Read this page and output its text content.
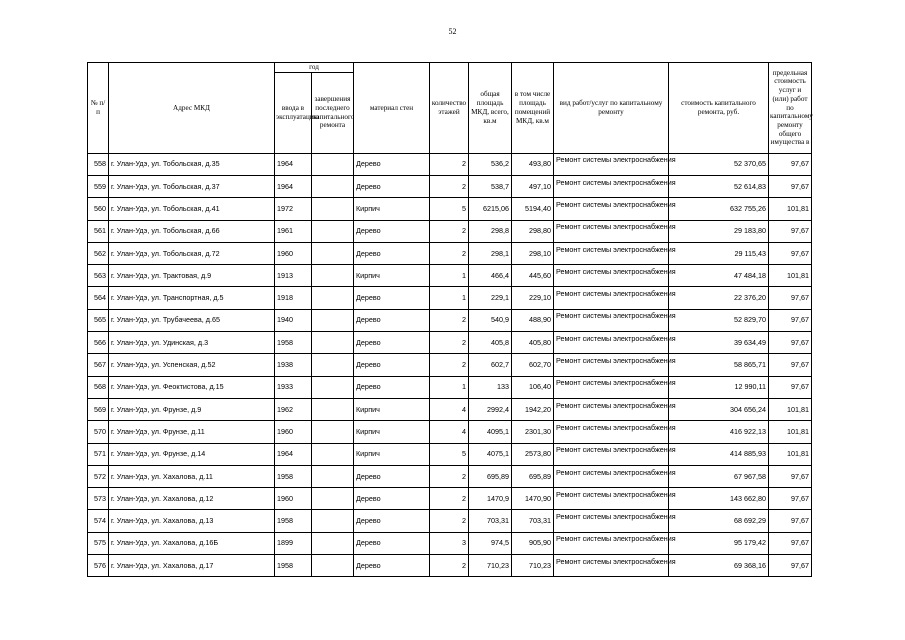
52
№ п/п	Адрес МКД	год		материал стен	количество этажей	общая площадь МКД, всего, кв.м	в том числе площадь помещений МКД, кв.м	вид работ/услуг по капитальному ремонту	стоимость капитального ремонта, руб.	предельная стоимость услуг и (или) работ по капитальному ремонту общего имущества в

		ввода в эксплуатацию	завершения последнего капитального ремонта							
558	г. Улан-Удэ, ул. Тобольская, д.35	1964		Дерево	2	536,2	493,80	Ремонт системы электроснабжения	52 370,65	97,67
559	г. Улан-Удэ, ул. Тобольская, д.37	1964		Дерево	2	538,7	497,10	Ремонт системы электроснабжения	52 614,83	97,67
560	г. Улан-Удэ, ул. Тобольская, д.41	1972		Кирпич	5	6215,06	5194,40	Ремонт системы электроснабжения	632 755,26	101,81
561	г. Улан-Удэ, ул. Тобольская, д.66	1961		Дерево	2	298,8	298,80	Ремонт системы электроснабжения	29 183,80	97,67
562	г. Улан-Удэ, ул. Тобольская, д.72	1960		Дерево	2	298,1	298,10	Ремонт системы электроснабжения	29 115,43	97,67
563	г. Улан-Удэ, ул. Трактовая, д.9	1913		Кирпич	1	466,4	445,60	Ремонт системы электроснабжения	47 484,18	101,81
564	г. Улан-Удэ, ул. Транспортная, д.5	1918		Дерево	1	229,1	229,10	Ремонт системы электроснабжения	22 376,20	97,67
565	г. Улан-Удэ, ул. Трубачеева, д.65	1940		Дерево	2	540,9	488,90	Ремонт системы электроснабжения	52 829,70	97,67
566	г. Улан-Удэ, ул. Удинская, д.3	1958		Дерево	2	405,8	405,80	Ремонт системы электроснабжения	39 634,49	97,67
567	г. Улан-Удэ, ул. Успенская, д.52	1938		Дерево	2	602,7	602,70	Ремонт системы электроснабжения	58 865,71	97,67
568	г. Улан-Удэ, ул. Феоктистова, д.15	1933		Дерево	1	133	106,40	Ремонт системы электроснабжения	12 990,11	97,67
569	г. Улан-Удэ, ул. Фрунзе, д.9	1962		Кирпич	4	2992,4	1942,20	Ремонт системы электроснабжения	304 656,24	101,81
570	г. Улан-Удэ, ул. Фрунзе, д.11	1960		Кирпич	4	4095,1	2301,30	Ремонт системы электроснабжения	416 922,13	101,81
571	г. Улан-Удэ, ул. Фрунзе, д.14	1964		Кирпич	5	4075,1	2573,80	Ремонт системы электроснабжения	414 885,93	101,81
572	г. Улан-Удэ, ул. Хахалова, д.11	1958		Дерево	2	695,89	695,89	Ремонт системы электроснабжения	67 967,58	97,67
573	г. Улан-Удэ, ул. Хахалова, д.12	1960		Дерево	2	1470,9	1470,90	Ремонт системы электроснабжения	143 662,80	97,67
574	г. Улан-Удэ, ул. Хахалова, д.13	1958		Дерево	2	703,31	703,31	Ремонт системы электроснабжения	68 692,29	97,67
575	г. Улан-Удэ, ул. Хахалова, д.16Б	1899		Дерево	3	974,5	905,90	Ремонт системы электроснабжения	95 179,42	97,67
576	г. Улан-Удэ, ул. Хахалова, д.17	1958		Дерево	2	710,23	710,23	Ремонт системы электроснабжения	69 368,16	97,67
